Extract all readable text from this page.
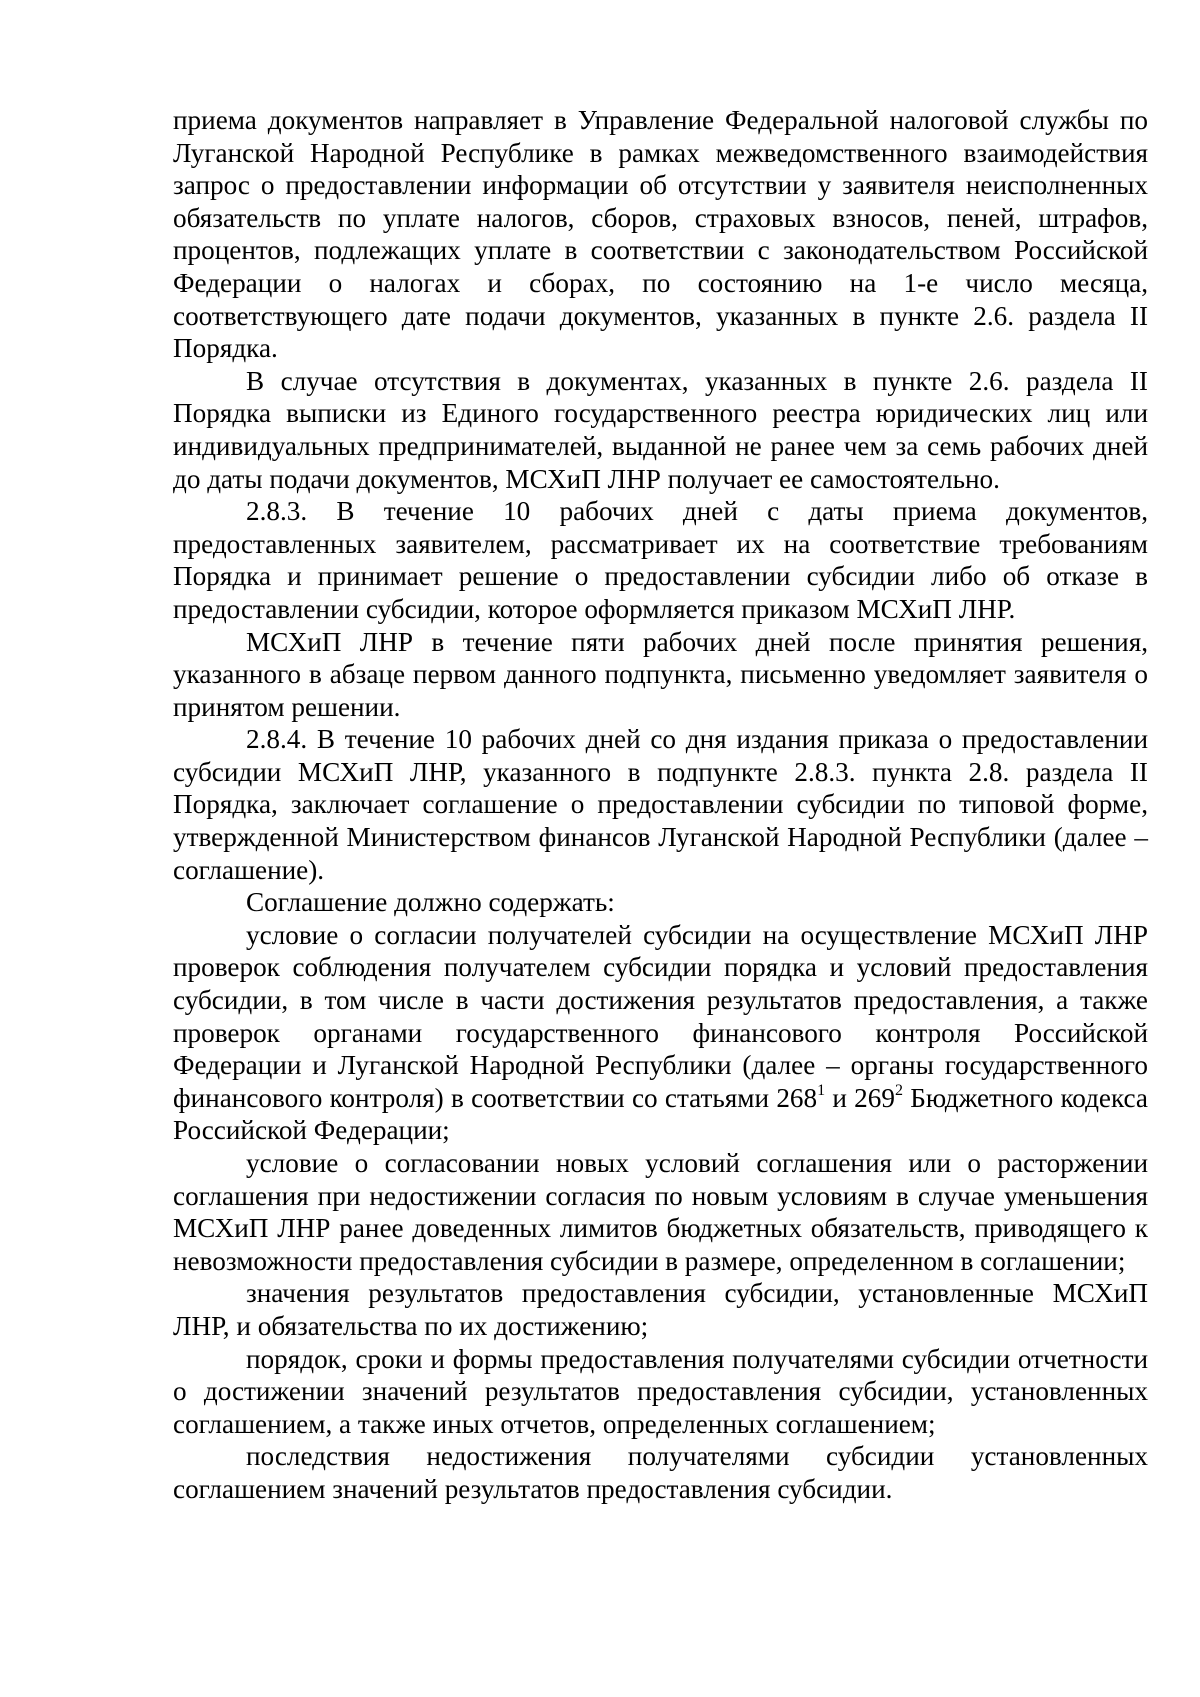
приема документов направляет в Управление Федеральной налоговой службы по Луганской Народной Республике в рамках межведомственного взаимодействия запрос о предоставлении информации об отсутствии у заявителя неисполненных обязательств по уплате налогов, сборов, страховых взносов, пеней, штрафов, процентов, подлежащих уплате в соответствии с законодательством Российской Федерации о налогах и сборах, по состоянию на 1-е число месяца, соответствующего дате подачи документов, указанных в пункте 2.6. раздела II Порядка.

В случае отсутствия в документах, указанных в пункте 2.6. раздела II Порядка выписки из Единого государственного реестра юридических лиц или индивидуальных предпринимателей, выданной не ранее чем за семь рабочих дней до даты подачи документов, МСХиП ЛНР получает ее самостоятельно.

2.8.3. В течение 10 рабочих дней с даты приема документов, предоставленных заявителем, рассматривает их на соответствие требованиям Порядка и принимает решение о предоставлении субсидии либо об отказе в предоставлении субсидии, которое оформляется приказом МСХиП ЛНР.

МСХиП ЛНР в течение пяти рабочих дней после принятия решения, указанного в абзаце первом данного подпункта, письменно уведомляет заявителя о принятом решении.

2.8.4. В течение 10 рабочих дней со дня издания приказа о предоставлении субсидии МСХиП ЛНР, указанного в подпункте 2.8.3. пункта 2.8. раздела II Порядка, заключает соглашение о предоставлении субсидии по типовой форме, утвержденной Министерством финансов Луганской Народной Республики (далее – соглашение).

Соглашение должно содержать:

условие о согласии получателей субсидии на осуществление МСХиП ЛНР проверок соблюдения получателем субсидии порядка и условий предоставления субсидии, в том числе в части достижения результатов предоставления, а также проверок органами государственного финансового контроля Российской Федерации и Луганской Народной Республики (далее – органы государственного финансового контроля) в соответствии со статьями $268^1$ и $269^2$ Бюджетного кодекса Российской Федерации;

условие о согласовании новых условий соглашения или о расторжении соглашения при недостижении согласия по новым условиям в случае уменьшения МСХиП ЛНР ранее доведенных лимитов бюджетных обязательств, приводящего к невозможности предоставления субсидии в размере, определенном в соглашении;

значения результатов предоставления субсидии, установленные МСХиП ЛНР, и обязательства по их достижению;

порядок, сроки и формы предоставления получателями субсидии отчетности о достижении значений результатов предоставления субсидии, установленных соглашением, а также иных отчетов, определенных соглашением;

последствия недостижения получателями субсидии установленных соглашением значений результатов предоставления субсидии.
